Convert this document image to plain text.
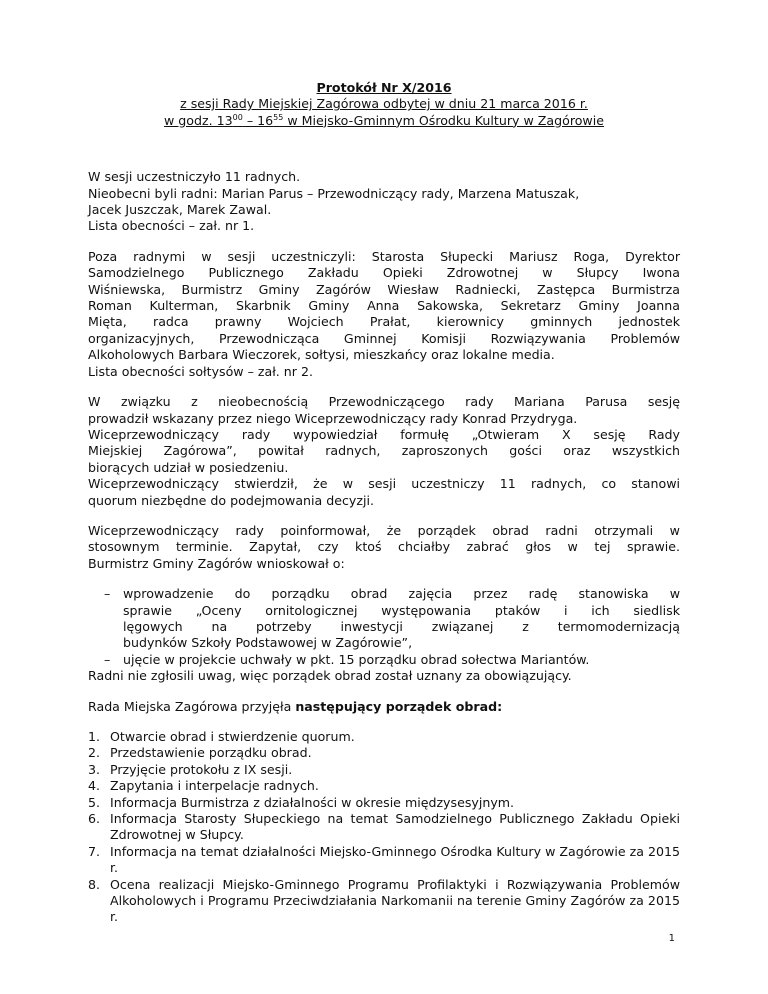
Protokół Nr X/2016
z sesji Rady Miejskiej Zagórowa odbytej w dniu 21 marca 2016 r.
w godz. $13^{00} - 16^{55}$ w Miejsko-Gminnym Ośrodku Kultury w Zagórowie

W sesji uczestniczyło 11 radnych.
Nieobecni byli radni: Marian Parus – Przewodniczący rady, Marzena Matuszak,
Jacek Juszczak, Marek Zawal.
Lista obecności – zał. nr 1.

Poza radnymi w sesji uczestniczyli: Starosta Słupecki Mariusz Roga, Dyrektor
Samodzielnego Publicznego Zakładu Opieki Zdrowotnej w Słupcy Iwona
Wiśniewska, Burmistrz Gminy Zagórów Wiesław Radniecki, Zastępca Burmistrza
Roman Kulterman, Skarbnik Gminy Anna Sakowska, Sekretarz Gminy Joanna
Mięta, radca prawny Wojciech Prałat, kierownicy gminnych jednostek
organizacyjnych, Przewodnicząca Gminnej Komisji Rozwiązywania Problemów
Alkoholowych Barbara Wieczorek, sołtysi, mieszkańcy oraz lokalne media.
Lista obecności sołtysów – zał. nr 2.

W związku z nieobecnością Przewodniczącego rady Mariana Parusa sesję
prowadził wskazany przez niego Wiceprzewodniczący rady Konrad Przydryga.
Wiceprzewodniczący rady wypowiedział formułę „Otwieram X sesję Rady
Miejskiej Zagórowa”, powitał radnych, zaproszonych gości oraz wszystkich
biorących udział w posiedzeniu.
Wiceprzewodniczący stwierdził, że w sesji uczestniczy 11 radnych, co stanowi
quorum niezbędne do podejmowania decyzji.

Wiceprzewodniczący rady poinformował, że porządek obrad radni otrzymali w
stosownym terminie. Zapytał, czy ktoś chciałby zabrać głos w tej sprawie.
Burmistrz Gminy Zagórów wnioskował o:

– wprowadzenie do porządku obrad zajęcia przez radę stanowiska w
sprawie „Oceny ornitologicznej występowania ptaków i ich siedlisk
lęgowych na potrzeby inwestycji związanej z termomodernizacją
budynków Szkoły Podstawowej w Zagórowie”,
– ujęcie w projekcie uchwały w pkt. 15 porządku obrad sołectwa Mariantów.
Radni nie zgłosili uwag, więc porządek obrad został uznany za obowiązujący.

Rada Miejska Zagórowa przyjęła następujący porządek obrad:

1. Otwarcie obrad i stwierdzenie quorum.
2. Przedstawienie porządku obrad.
3. Przyjęcie protokołu z IX sesji.
4. Zapytania i interpelacje radnych.
5. Informacja Burmistrza z działalności w okresie międzysesyjnym.
6. Informacja Starosty Słupeckiego na temat Samodzielnego Publicznego Zakładu Opieki Zdrowotnej w Słupcy.
7. Informacja na temat działalności Miejsko-Gminnego Ośrodka Kultury w Zagórowie za 2015 r.
8. Ocena realizacji Miejsko-Gminnego Programu Profilaktyki i Rozwiązywania Problemów Alkoholowych i Programu Przeciwdziałania Narkomanii na terenie Gminy Zagórów za 2015 r.
1
